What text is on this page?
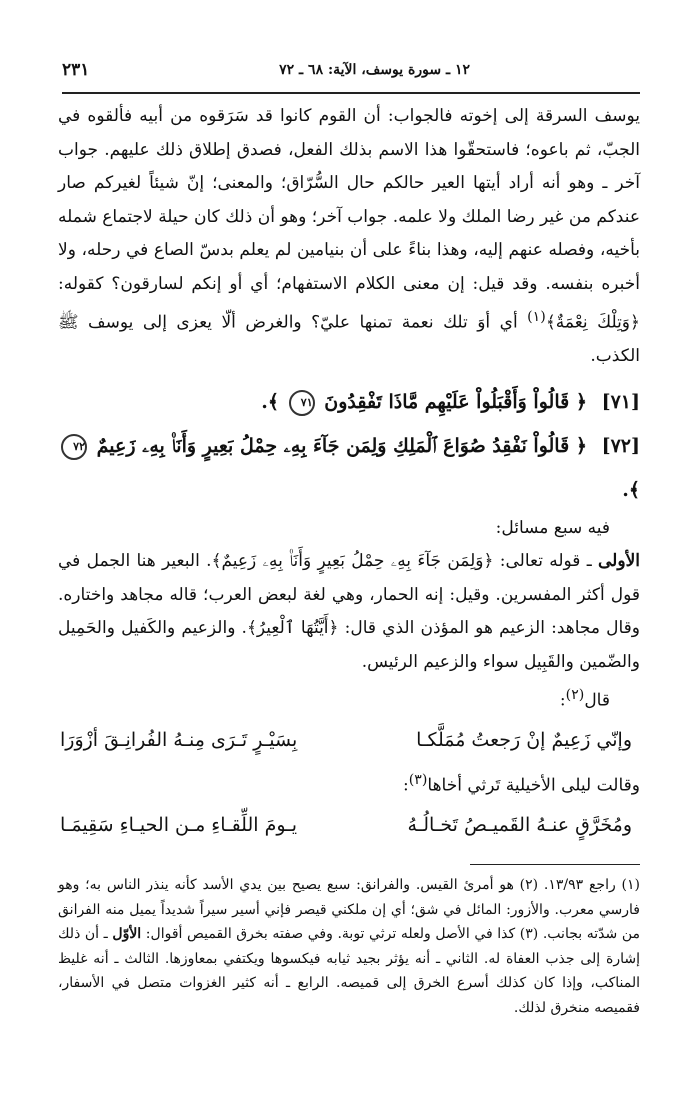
١٢ ـ سورة يوسف، الآية: ٦٨ ـ ٧٢
٢٣١

يوسف السرقة إلى إخوته فالجواب: أن القوم كانوا قد سَرَقوه من أبيه فألقوه في الجبّ، ثم باعوه؛ فاستحقّوا هذا الاسم بذلك الفعل، فصدق إطلاق ذلك عليهم. جواب آخر ـ وهو أنه أراد أيتها العير حالكم حال السُّرّاق؛ والمعنى؛ إنّ شيئاً لغيركم صار عندكم من غير رضا الملك ولا علمه. جواب آخر؛ وهو أن ذلك كان حيلة لاجتماع شمله بأخيه، وفصله عنهم إليه، وهذا بناءً على أن بنيامين لم يعلم بدسّ الصاع في رحله، ولا أخبره بنفسه. وقد قيل: إن معنى الكلام الاستفهام؛ أي أو إنكم لسارقون؟ كقوله: ﴿وَتِلْكَ نِعْمَةٌ﴾$^{(١)}$ أي أوَ تلك نعمة تمنها عليّ؟ والغرض ألّا يعزى إلى يوسف ﷺ الكذب.

[٧١] ﴿ قَالُواْ وَأَقْبَلُواْ عَلَيْهِم مَّاذَا تَفْقِدُونَ ٧١ ﴾.
[٧٢] ﴿ قَالُواْ نَفْقِدُ صُوَاعَ ٱلْمَلِكِ وَلِمَن جَآءَ بِهِۦ حِمْلُ بَعِيرٍ وَأَنَا۠ بِهِۦ زَعِيمٌ ٧٢ ﴾.

فيه سبع مسائل:

الأولى ـ قوله تعالى: ﴿وَلِمَن جَآءَ بِهِۦ حِمْلُ بَعِيرٍ وَأَنَا۠ بِهِۦ زَعِيمٌ﴾. البعير هنا الجمل في قول أكثر المفسرين. وقيل: إنه الحمار، وهي لغة لبعض العرب؛ قاله مجاهد واختاره. وقال مجاهد: الزعيم هو المؤذن الذي قال: ﴿أَيَّتُهَا ٱلْعِيرُ﴾. والزعيم والكَفيل والحَمِيل والضّمين والقَبِيل سواء والزعيم الرئيس.

قال$^{(٢)}$:

وإنّي زَعِيمٌ إنْ رَجعتُ مُمَلَّكـا
بِسَيْـرٍ تَـرَى مِنـهُ الفُرانِـقَ أزْوَرَا

وقالت ليلى الأخيلية تَرثي أخاها$^{(٣)}$:

ومُخَرَّقٍ عنـهُ القَميـصُ تَخـالُـهُ
يـومَ اللِّقـاءِ مـن الحيـاءِ سَقِيمَـا

(١) راجع ١٣/٩٣. (٢) هو أمرئ القيس. والفرانق: سبع يصيح بين يدي الأسد كأنه ينذر الناس به؛ وهو فارسي معرب. والأزور: المائل في شق؛ أي إن ملكني قيصر فإني أسير سيراً شديداً يميل منه الفرانق من شدّته بجانب. (٣) كذا في الأصل ولعله ترثي توبة. وفي صفته بخرق القميص أقوال: الأوّل ـ أن ذلك إشارة إلى جذب العفاة له. الثاني ـ أنه يؤثر بجيد ثيابه فيكسوها ويكتفي بمعاوزها. الثالث ـ أنه غليظ المناكب، وإذا كان كذلك أسرع الخرق إلى قميصه. الرابع ـ أنه كثير الغزوات متصل في الأسفار، فقميصه منخرق لذلك.
